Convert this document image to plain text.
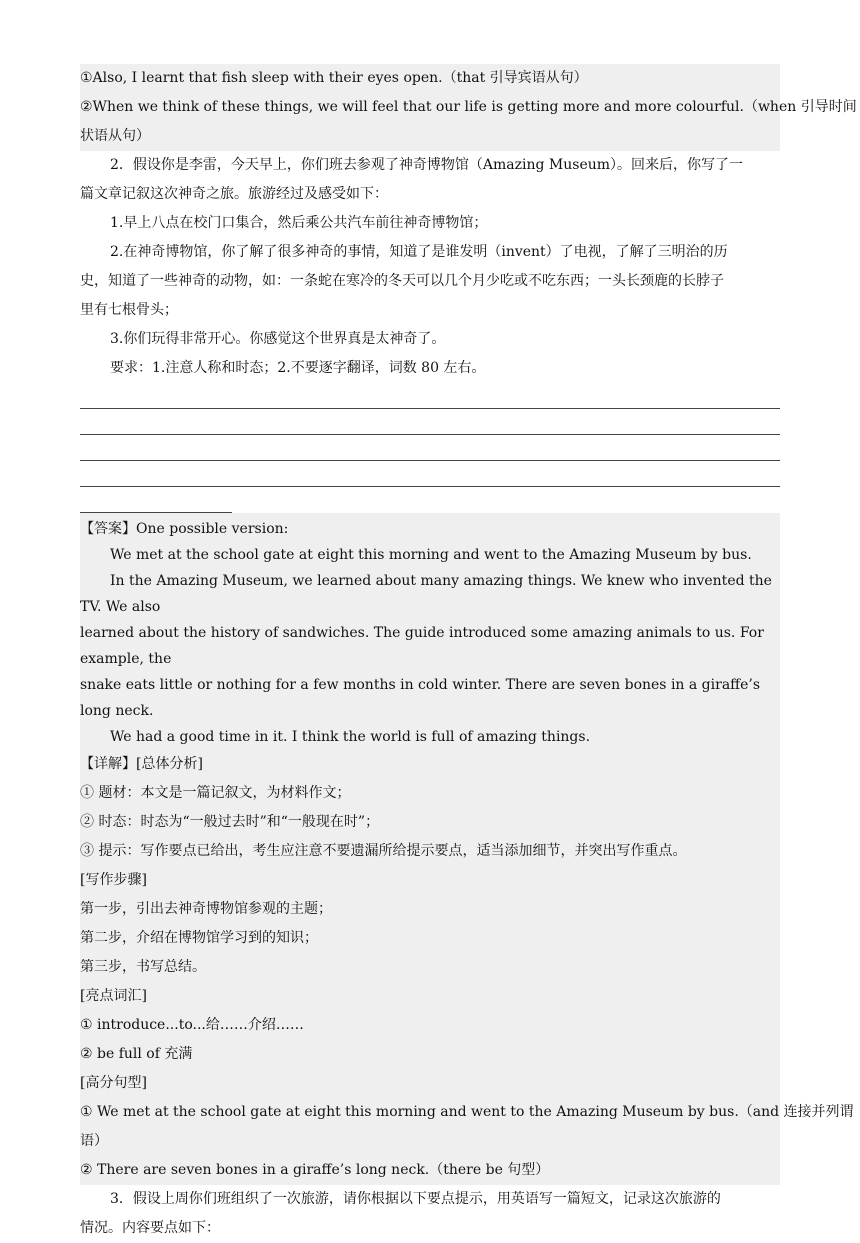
①Also, I learnt that fish sleep with their eyes open.（that 引导宾语从句）

②When we think of these things, we will feel that our life is getting more and more colourful.（when 引导时间

状语从句）

2．假设你是李雷，今天早上，你们班去参观了神奇博物馆（Amazing Museum）。回来后，你写了一

篇文章记叙这次神奇之旅。旅游经过及感受如下：

1.早上八点在校门口集合，然后乘公共汽车前往神奇博物馆；

2.在神奇博物馆，你了解了很多神奇的事情，知道了是谁发明（invent）了电视，了解了三明治的历

史，知道了一些神奇的动物，如：一条蛇在寒冷的冬天可以几个月少吃或不吃东西；一头长颈鹿的长脖子

里有七根骨头；

3.你们玩得非常开心。你感觉这个世界真是太神奇了。

要求：1.注意人称和时态；2.不要逐字翻译，词数 80 左右。

【答案】One possible version:

We met at the school gate at eight this morning and went to the Amazing Museum by bus.

In the Amazing Museum, we learned about many amazing things. We knew who invented the TV. We also

learned about the history of sandwiches. The guide introduced some amazing animals to us. For example, the

snake eats little or nothing for a few months in cold winter. There are seven bones in a giraffe’s long neck.

We had a good time in it. I think the world is full of amazing things.

【详解】[总体分析]

① 题材：本文是一篇记叙文，为材料作文；

② 时态：时态为“一般过去时”和“一般现在时”；

③ 提示：写作要点已给出，考生应注意不要遗漏所给提示要点，适当添加细节，并突出写作重点。

[写作步骤]

第一步，引出去神奇博物馆参观的主题；

第二步，介绍在博物馆学习到的知识；

第三步，书写总结。

[亮点词汇]

① introduce...to...给……介绍……

② be full of 充满

[高分句型]

① We met at the school gate at eight this morning and went to the Amazing Museum by bus.（and 连接并列谓

语）

② There are seven bones in a giraffe’s long neck.（there be 句型）

3．假设上周你们班组织了一次旅游，请你根据以下要点提示，用英语写一篇短文，记录这次旅游的

情况。内容要点如下：
